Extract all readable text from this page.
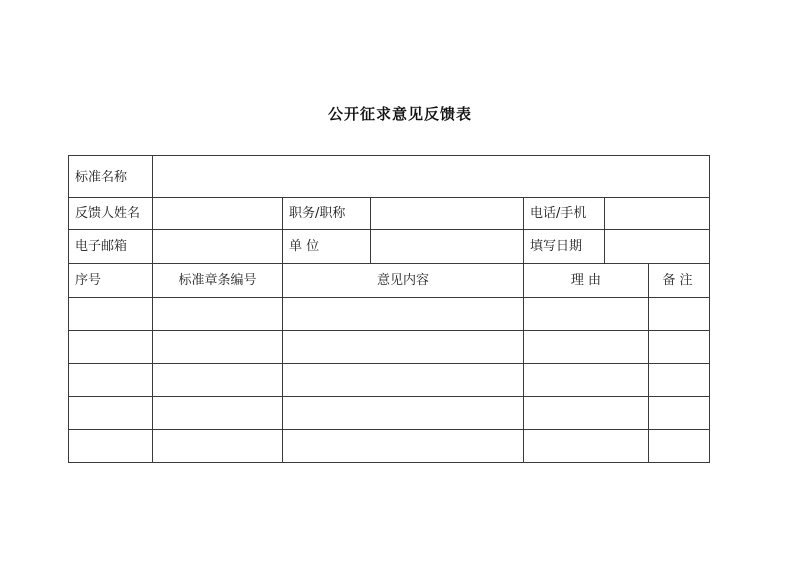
公开征求意见反馈表
标准名称
反馈人姓名	职务/职称	电话/手机
电子邮箱	单 位	填写日期
序号	标准章条编号	意见内容	理 由	备注
